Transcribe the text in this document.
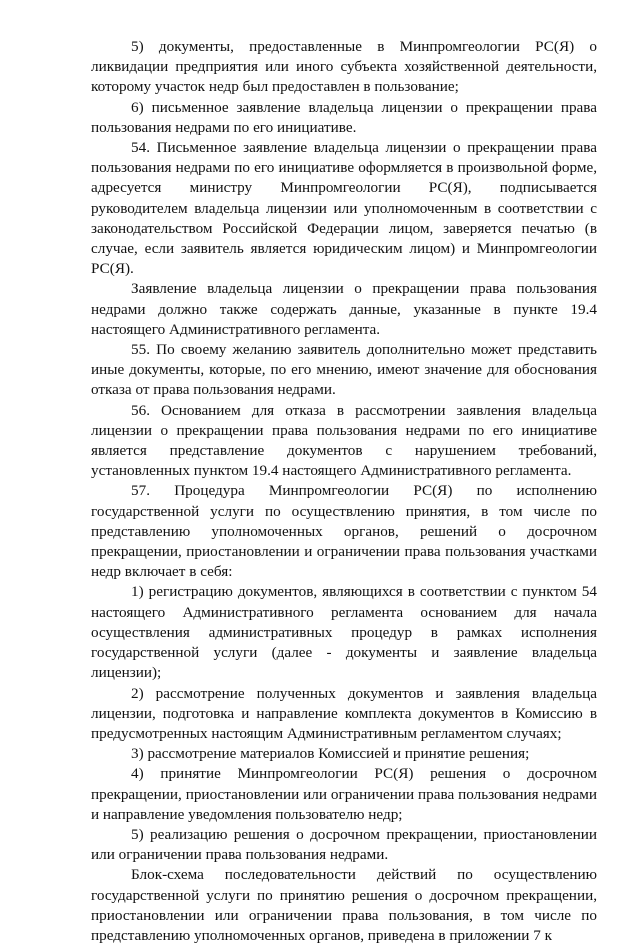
5) документы, предоставленные в Минпромгеологии РС(Я) о ликвидации предприятия или иного субъекта хозяйственной деятельности, которому участок недр был предоставлен в пользование;

6) письменное заявление владельца лицензии о прекращении права пользования недрами по его инициативе.

54. Письменное заявление владельца лицензии о прекращении права пользования недрами по его инициативе оформляется в произвольной форме, адресуется министру Минпромгеологии РС(Я), подписывается руководителем владельца лицензии или уполномоченным в соответствии с законодательством Российской Федерации лицом, заверяется печатью (в случае, если заявитель является юридическим лицом) и Минпромгеологии РС(Я).

Заявление владельца лицензии о прекращении права пользования недрами должно также содержать данные, указанные в пункте 19.4 настоящего Административного регламента.

55. По своему желанию заявитель дополнительно может представить иные документы, которые, по его мнению, имеют значение для обоснования отказа от права пользования недрами.

56. Основанием для отказа в рассмотрении заявления владельца лицензии о прекращении права пользования недрами по его инициативе является представление документов с нарушением требований, установленных пунктом 19.4 настоящего Административного регламента.

57. Процедура Минпромгеологии РС(Я) по исполнению государственной услуги по осуществлению принятия, в том числе по представлению уполномоченных органов, решений о досрочном прекращении, приостановлении и ограничении права пользования участками недр включает в себя:

1) регистрацию документов, являющихся в соответствии с пунктом 54 настоящего Административного регламента основанием для начала осуществления административных процедур в рамках исполнения государственной услуги (далее - документы и заявление владельца лицензии);

2) рассмотрение полученных документов и заявления владельца лицензии, подготовка и направление комплекта документов в Комиссию в предусмотренных настоящим Административным регламентом случаях;

3) рассмотрение материалов Комиссией и принятие решения;

4) принятие Минпромгеологии РС(Я) решения о досрочном прекращении, приостановлении или ограничении права пользования недрами и направление уведомления пользователю недр;

5) реализацию решения о досрочном прекращении, приостановлении или ограничении права пользования недрами.

Блок-схема последовательности действий по осуществлению государственной услуги по принятию решения о досрочном прекращении, приостановлении или ограничении права пользования, в том числе по представлению уполномоченных органов, приведена в приложении 7 к
